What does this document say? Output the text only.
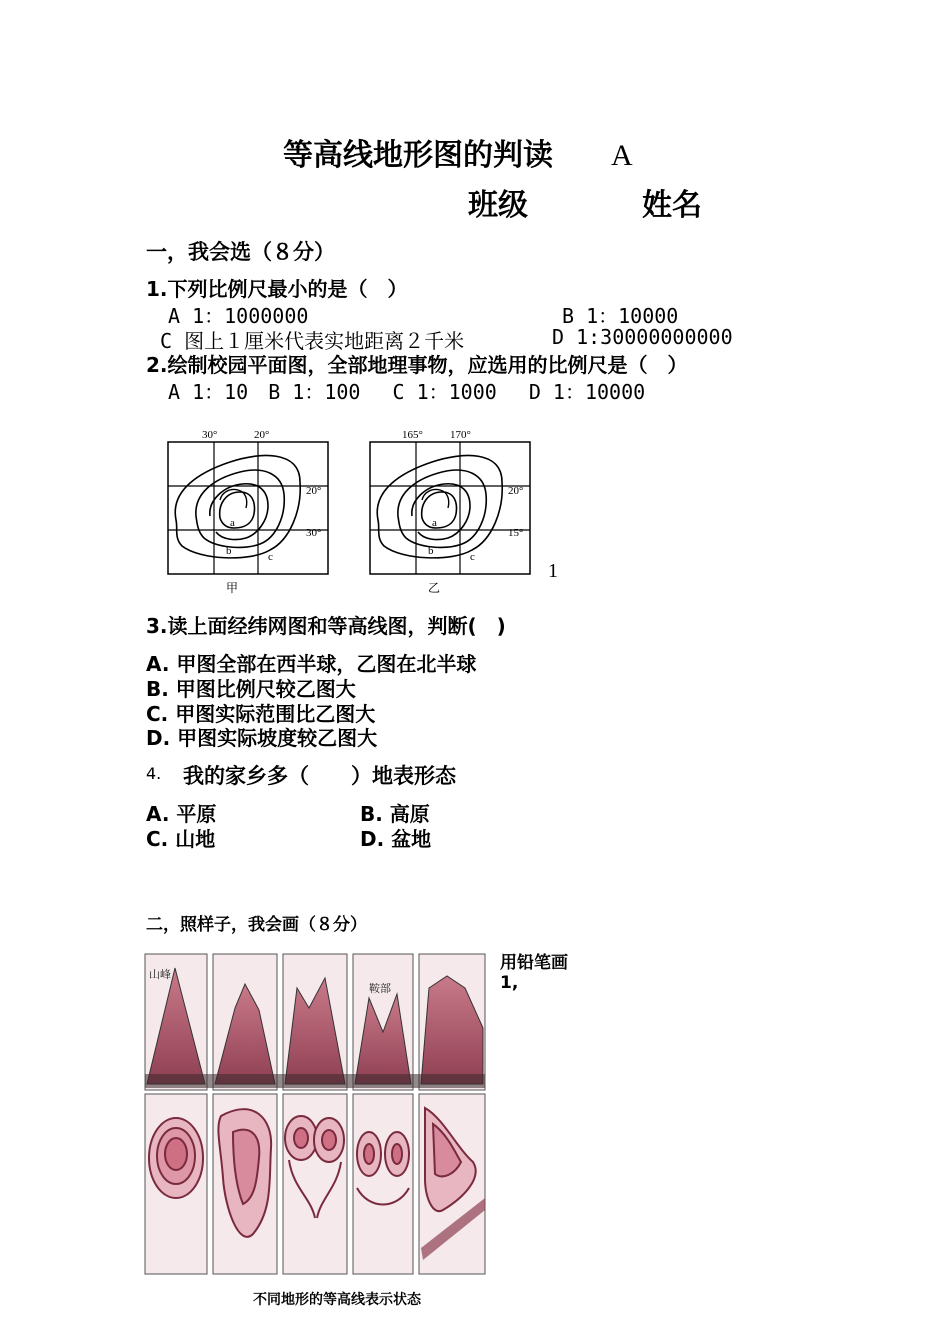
等高线地形图的判读 A
班级	姓名
一，我会选（８分）
1.下列比例尺最小的是（　）
A 1：1000000	B 1：10000
C 图上１厘米代表实地距离２千米	D 1:30000000000
2.绘制校园平面图，全部地理事物，应选用的比例尺是（　）
A 1：10　B 1：100　 C 1：1000　 D 1：10000
a
b	c
30°	20°
20°
30°
甲
a
b	c
165° 170°
20°
15°
乙
1
3.读上面经纬网图和等高线图，判断(　)
A. 甲图全部在西半球，乙图在北半球
B. 甲图比例尺较乙图大
C. 甲图实际范围比乙图大
D. 甲图实际坡度较乙图大
4. 我的家乡多（　　）地表形态
A. 平原	B. 高原
C. 山地	D. 盆地
二，照样子，我会画（８分）
用铅笔画
1,
山峰
鞍部
不同地形的等高线表示状态
